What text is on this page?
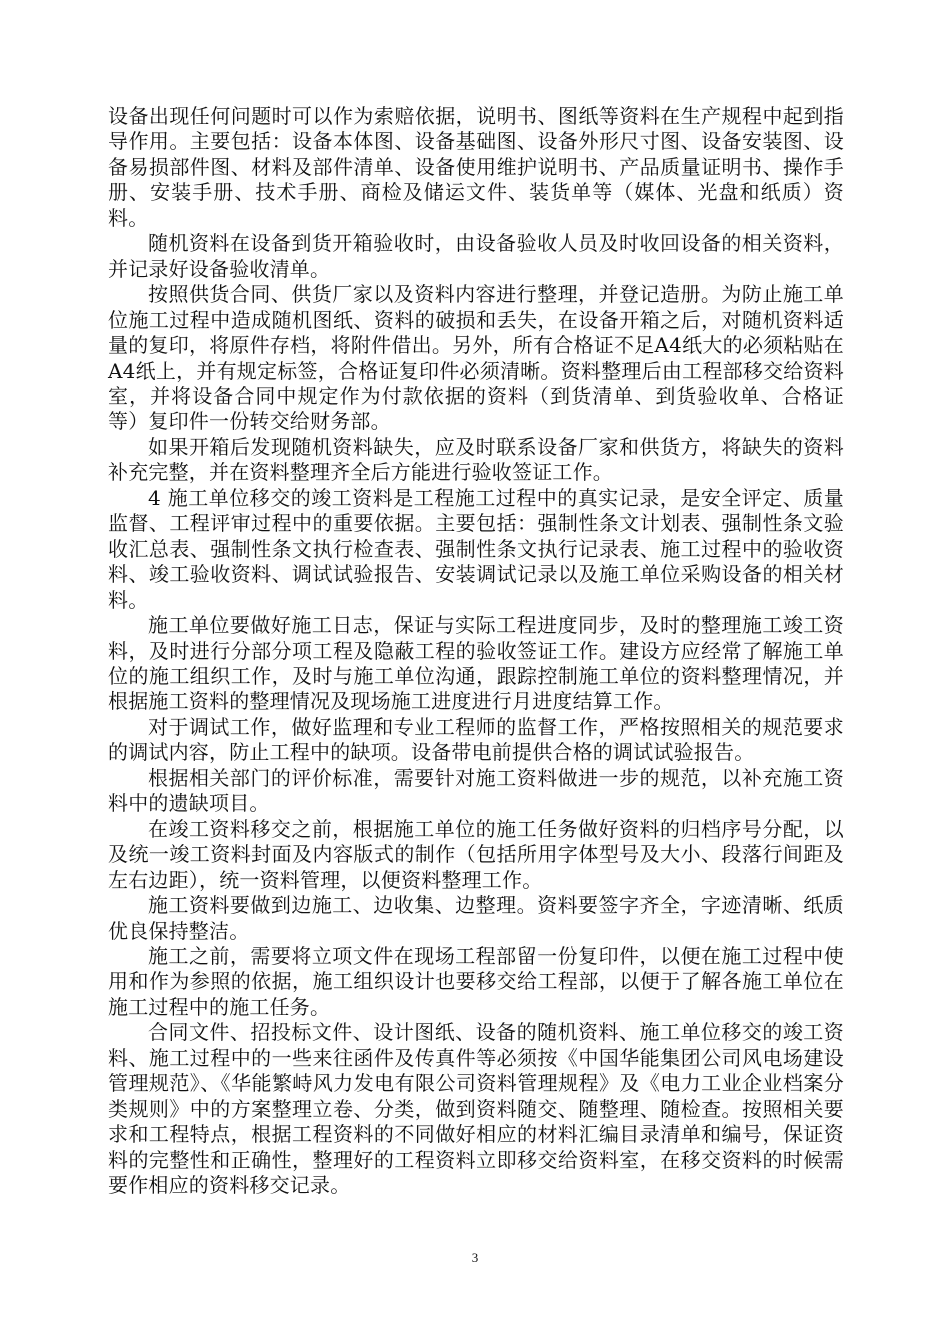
设备出现任何问题时可以作为索赔依据，说明书、图纸等资料在生产规程中起到指导作用。主要包括：设备本体图、设备基础图、设备外形尺寸图、设备安装图、设备易损部件图、材料及部件清单、设备使用维护说明书、产品质量证明书、操作手册、安装手册、技术手册、商检及储运文件、装货单等（媒体、光盘和纸质）资料。

随机资料在设备到货开箱验收时，由设备验收人员及时收回设备的相关资料，并记录好设备验收清单。

按照供货合同、供货厂家以及资料内容进行整理，并登记造册。为防止施工单位施工过程中造成随机图纸、资料的破损和丢失，在设备开箱之后，对随机资料适量的复印，将原件存档，将附件借出。另外，所有合格证不足A4纸大的必须粘贴在A4纸上，并有规定标签，合格证复印件必须清晰。资料整理后由工程部移交给资料室，并将设备合同中规定作为付款依据的资料（到货清单、到货验收单、合格证等）复印件一份转交给财务部。

如果开箱后发现随机资料缺失，应及时联系设备厂家和供货方，将缺失的资料补充完整，并在资料整理齐全后方能进行验收签证工作。

4 施工单位移交的竣工资料是工程施工过程中的真实记录，是安全评定、质量监督、工程评审过程中的重要依据。主要包括：强制性条文计划表、强制性条文验收汇总表、强制性条文执行检查表、强制性条文执行记录表、施工过程中的验收资料、竣工验收资料、调试试验报告、安装调试记录以及施工单位采购设备的相关材料。

施工单位要做好施工日志，保证与实际工程进度同步，及时的整理施工竣工资料，及时进行分部分项工程及隐蔽工程的验收签证工作。建设方应经常了解施工单位的施工组织工作，及时与施工单位沟通，跟踪控制施工单位的资料整理情况，并根据施工资料的整理情况及现场施工进度进行月进度结算工作。

对于调试工作，做好监理和专业工程师的监督工作，严格按照相关的规范要求的调试内容，防止工程中的缺项。设备带电前提供合格的调试试验报告。

根据相关部门的评价标准，需要针对施工资料做进一步的规范，以补充施工资料中的遗缺项目。

在竣工资料移交之前，根据施工单位的施工任务做好资料的归档序号分配，以及统一竣工资料封面及内容版式的制作（包括所用字体型号及大小、段落行间距及左右边距），统一资料管理，以便资料整理工作。

施工资料要做到边施工、边收集、边整理。资料要签字齐全，字迹清晰、纸质优良保持整洁。

施工之前，需要将立项文件在现场工程部留一份复印件，以便在施工过程中使用和作为参照的依据，施工组织设计也要移交给工程部，以便于了解各施工单位在施工过程中的施工任务。

合同文件、招投标文件、设计图纸、设备的随机资料、施工单位移交的竣工资料、施工过程中的一些来往函件及传真件等必须按《中国华能集团公司风电场建设管理规范》、《华能繁峙风力发电有限公司资料管理规程》及《电力工业企业档案分类规则》中的方案整理立卷、分类，做到资料随交、随整理、随检查。按照相关要求和工程特点，根据工程资料的不同做好相应的材料汇编目录清单和编号，保证资料的完整性和正确性，整理好的工程资料立即移交给资料室，在移交资料的时候需要作相应的资料移交记录。

3
